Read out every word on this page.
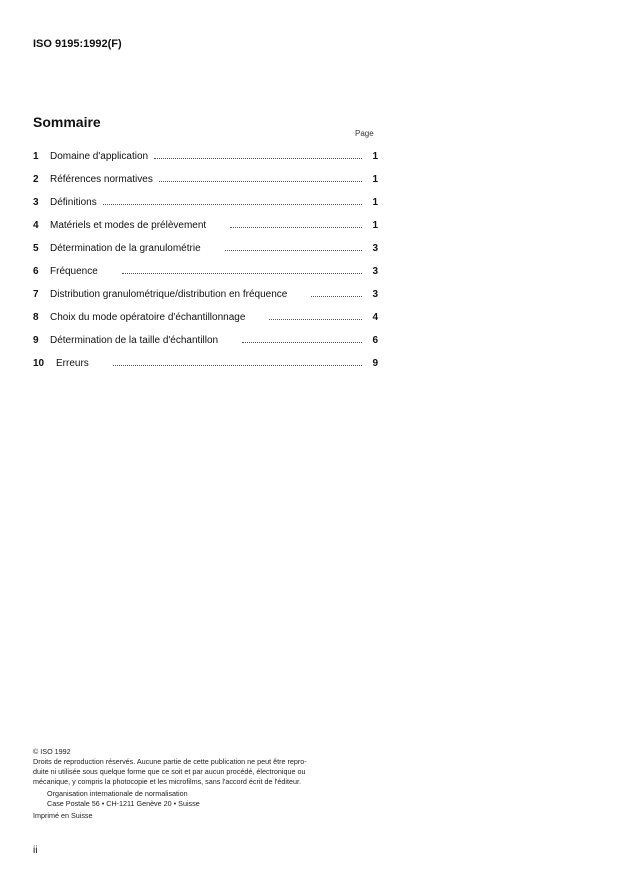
ISO 9195:1992(F)
Sommaire
Page
1	Domaine d'application	1
2	Références normatives	1
3	Définitions	1
4	Matériels et modes de prélèvement	1
5	Détermination de la granulométrie	3
6	Fréquence	3
7	Distribution granulométrique/distribution en fréquence	3
8	Choix du mode opératoire d'échantillonnage	4
9	Détermination de la taille d'échantillon	6
10	Erreurs	9
© ISO 1992
Droits de reproduction réservés. Aucune partie de cette publication ne peut être repro-
duite ni utilisée sous quelque forme que ce soit et par aucun procédé, électronique ou
mécanique, y compris la photocopie et les microfilms, sans l'accord écrit de l'éditeur.
Organisation internationale de normalisation
Case Postale 56 • CH-1211 Genève 20 • Suisse
Imprimé en Suisse
ii
